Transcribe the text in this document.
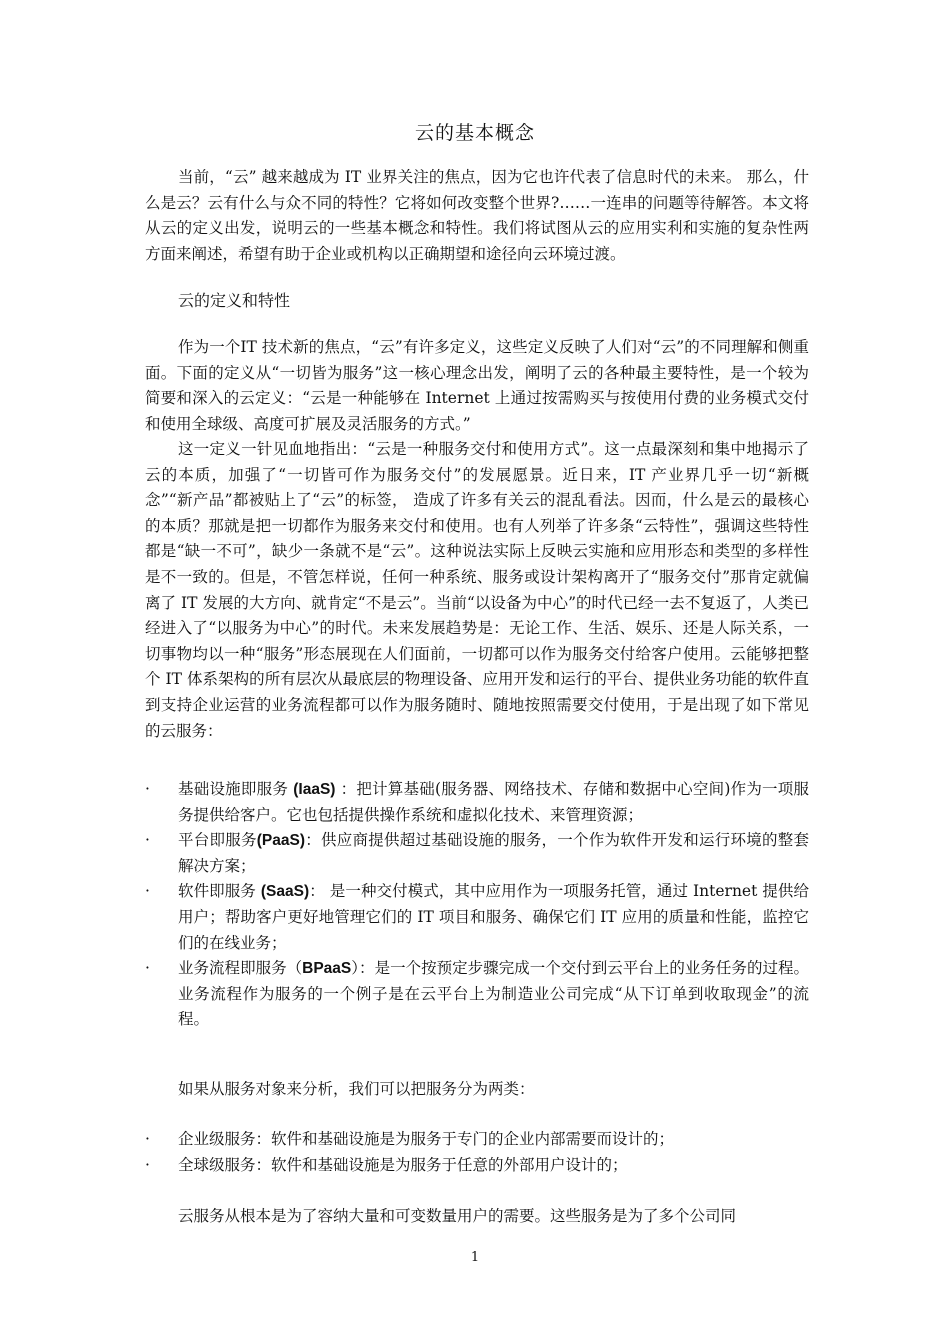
云的基本概念
当前，“云” 越来越成为 IT 业界关注的焦点，因为它也许代表了信息时代的未来。 那么，什么是云？云有什么与众不同的特性？它将如何改变整个世界?……一连串的问题等待解答。本文将从云的定义出发，说明云的一些基本概念和特性。我们将试图从云的应用实利和实施的复杂性两方面来阐述，希望有助于企业或机构以正确期望和途径向云环境过渡。
云的定义和特性
作为一个IT 技术新的焦点，“云”有许多定义，这些定义反映了人们对“云”的不同理解和侧重面。下面的定义从“一切皆为服务”这一核心理念出发，阐明了云的各种最主要特性，是一个较为简要和深入的云定义：“云是一种能够在 Internet 上通过按需购买与按使用付费的业务模式交付和使用全球级、高度可扩展及灵活服务的方式。”
这一定义一针见血地指出：“云是一种服务交付和使用方式”。这一点最深刻和集中地揭示了云的本质，加强了“一切皆可作为服务交付”的发展愿景。近日来，IT 产业界几乎一切“新概念”“新产品”都被贴上了“云”的标签， 造成了许多有关云的混乱看法。因而，什么是云的最核心的本质？那就是把一切都作为服务来交付和使用。也有人列举了许多条“云特性”，强调这些特性都是“缺一不可”，缺少一条就不是“云”。这种说法实际上反映云实施和应用形态和类型的多样性是不一致的。但是，不管怎样说，任何一种系统、服务或设计架构离开了“服务交付”那肯定就偏离了 IT 发展的大方向、就肯定“不是云”。当前“以设备为中心”的时代已经一去不复返了，人类已经进入了“以服务为中心”的时代。未来发展趋势是：无论工作、生活、娱乐、还是人际关系，一切事物均以一种“服务”形态展现在人们面前，一切都可以作为服务交付给客户使用。云能够把整个 IT 体系架构的所有层次从最底层的物理设备、应用开发和运行的平台、提供业务功能的软件直到支持企业运营的业务流程都可以作为服务随时、随地按照需要交付使用，于是出现了如下常见的云服务：
·	基础设施即服务 (IaaS) ：把计算基础(服务器、网络技术、存储和数据中心空间)作为一项服务提供给客户。它也包括提供操作系统和虚拟化技术、来管理资源；
·	平台即服务(PaaS)：供应商提供超过基础设施的服务，一个作为软件开发和运行环境的整套解决方案；
·	软件即服务 (SaaS)： 是一种交付模式，其中应用作为一项服务托管，通过 Internet 提供给用户；帮助客户更好地管理它们的 IT 项目和服务、确保它们 IT 应用的质量和性能，监控它们的在线业务；
·	业务流程即服务（BPaaS）：是一个按预定步骤完成一个交付到云平台上的业务任务的过程。业务流程作为服务的一个例子是在云平台上为制造业公司完成“从下订单到收取现金”的流程。
如果从服务对象来分析，我们可以把服务分为两类：
·	企业级服务：软件和基础设施是为服务于专门的企业内部需要而设计的；
·	全球级服务：软件和基础设施是为服务于任意的外部用户设计的；
云服务从根本是为了容纳大量和可变数量用户的需要。这些服务是为了多个公司同
1
